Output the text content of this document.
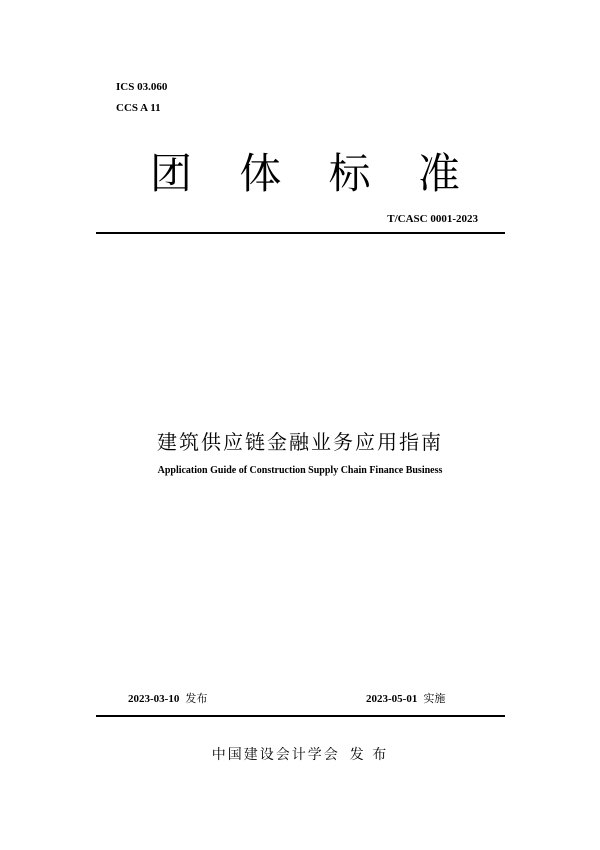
ICS 03.060
CCS A 11
团 体 标 准
T/CASC 0001-2023
建筑供应链金融业务应用指南
Application Guide of Construction Supply Chain Finance Business
2023-03-10 发布	2023-05-01 实施
中国建设会计学会 发 布
